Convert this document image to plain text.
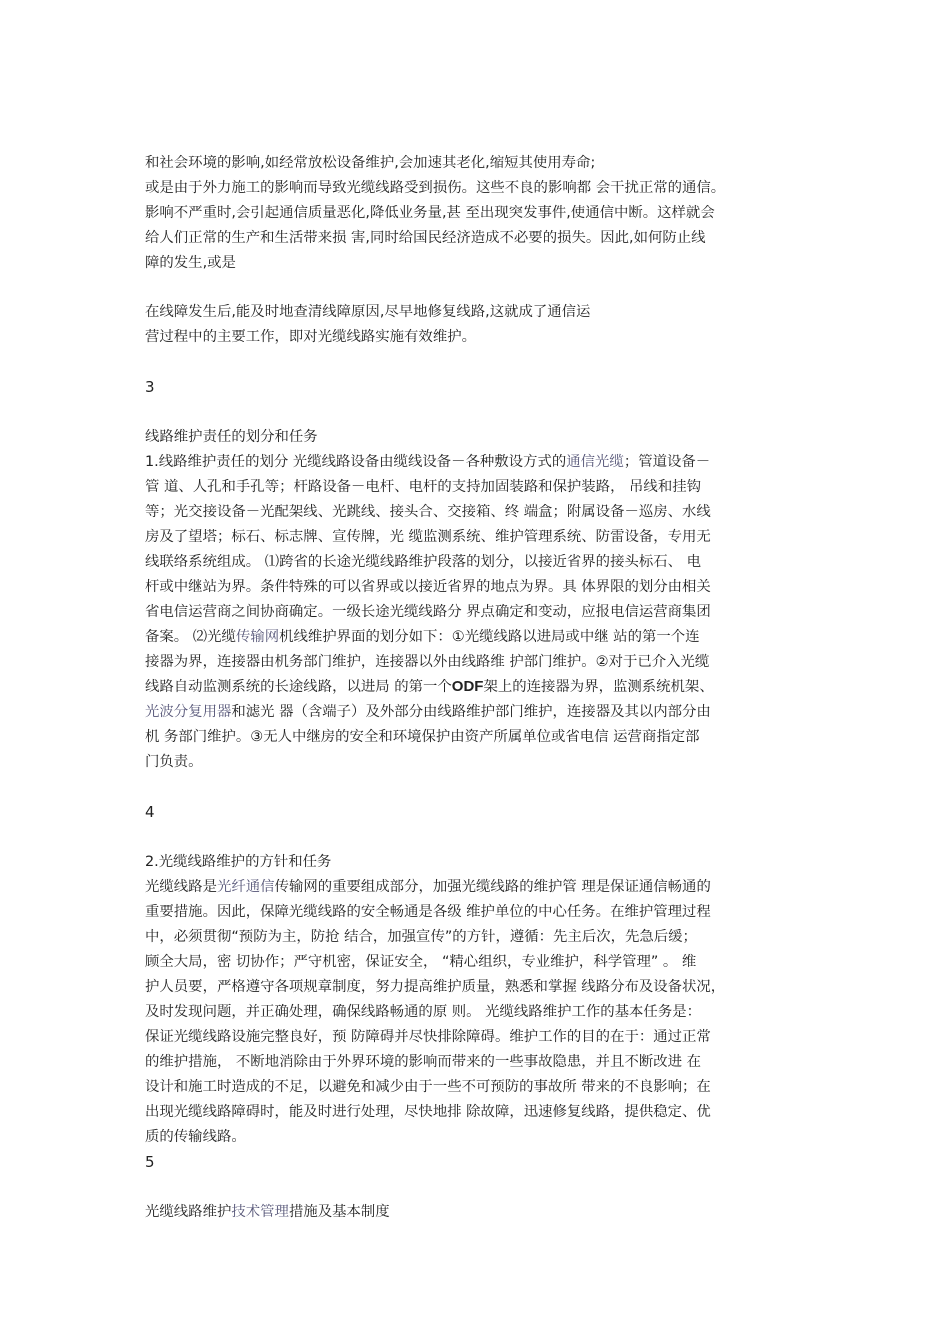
和社会环境的影响,如经常放松设备维护,会加速其老化,缩短其使用寿命;
或是由于外力施工的影响而导致光缆线路受到损伤。这些不良的影响都 会干扰正常的通信。
影响不严重时,会引起通信质量恶化,降低业务量,甚 至出现突发事件,使通信中断。这样就会
给人们正常的生产和生活带来损 害,同时给国民经济造成不必要的损失。因此,如何防止线
障的发生,或是
在线障发生后,能及时地查清线障原因,尽早地修复线路,这就成了通信运
营过程中的主要工作，即对光缆线路实施有效维护。
3
线路维护责任的划分和任务
1.线路维护责任的划分 光缆线路设备由缆线设备－各种敷设方式的通信光缆；管道设备－
管 道、人孔和手孔等；杆路设备－电杆、电杆的支持加固装路和保护装路， 吊线和挂钩
等；光交接设备－光配架线、光跳线、接头合、交接箱、终 端盒；附属设备－巡房、水线
房及了望塔；标石、标志牌、宣传牌，光 缆监测系统、维护管理系统、防雷设备，专用无
线联络系统组成。 ⑴跨省的长途光缆线路维护段落的划分，以接近省界的接头标石、 电
杆或中继站为界。条件特殊的可以省界或以接近省界的地点为界。具 体界限的划分由相关
省电信运营商之间协商确定。一级长途光缆线路分 界点确定和变动，应报电信运营商集团
备案。 ⑵光缆传输网机线维护界面的划分如下：①光缆线路以进局或中继 站的第一个连
接器为界，连接器由机务部门维护，连接器以外由线路维 护部门维护。②对于已介入光缆
线路自动监测系统的长途线路，以进局 的第一个ODF架上的连接器为界，监测系统机架、
光波分复用器和滤光 器（含端子）及外部分由线路维护部门维护，连接器及其以内部分由
机 务部门维护。③无人中继房的安全和环境保护由资产所属单位或省电信 运营商指定部
门负责。
4
2.光缆线路维护的方针和任务
光缆线路是光纤通信传输网的重要组成部分，加强光缆线路的维护管 理是保证通信畅通的
重要措施。因此，保障光缆线路的安全畅通是各级 维护单位的中心任务。在维护管理过程
中，必须贯彻“预防为主，防抢 结合，加强宣传”的方针，遵循：先主后次，先急后缓；
顾全大局，密 切协作；严守机密，保证安全， “精心组织，专业维护，科学管理” 。 维
护人员要，严格遵守各项规章制度，努力提高维护质量，熟悉和掌握 线路分布及设备状况，
及时发现问题，并正确处理，确保线路畅通的原 则。 光缆线路维护工作的基本任务是：
保证光缆线路设施完整良好，预 防障碍并尽快排除障碍。维护工作的目的在于：通过正常
的维护措施， 不断地消除由于外界环境的影响而带来的一些事故隐患，并且不断改进 在
设计和施工时造成的不足，以避免和减少由于一些不可预防的事故所 带来的不良影响；在
出现光缆线路障碍时，能及时进行处理，尽快地排 除故障，迅速修复线路，提供稳定、优
质的传输线路。
5
光缆线路维护技术管理措施及基本制度
